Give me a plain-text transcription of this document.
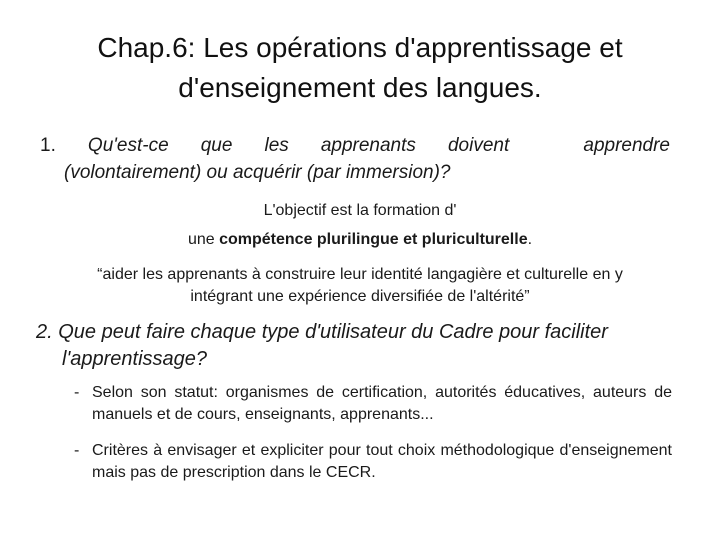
Chap.6: Les opérations d'apprentissage et
d'enseignement des langues.
1. Qu'est-ce que les apprenants doivent	apprendre
(volontairement) ou acquérir (par immersion)?
L'objectif est la formation d'
une compétence plurilingue et pluriculturelle.
“aider les apprenants à construire leur identité langagière et culturelle en y
intégrant une expérience diversifiée de l'altérité”
2. Que peut faire chaque type d'utilisateur du Cadre pour faciliter
l'apprentissage?
- Selon son statut: organismes de certification, autorités éducatives, auteurs de manuels et de cours, enseignants, apprenants...
- Critères à envisager et expliciter pour tout choix méthodologique d'enseignement mais pas de prescription dans le CECR.
